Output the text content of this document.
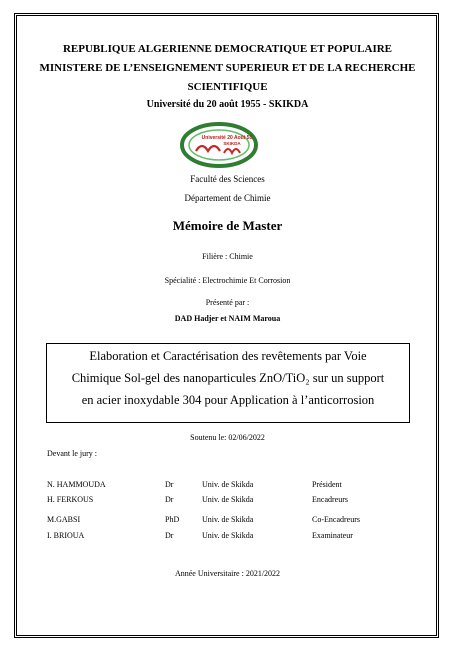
REPUBLIQUE ALGERIENNE DEMOCRATIQUE ET POPULAIRE
MINISTERE DE L’ENSEIGNEMENT SUPERIEUR ET DE LA RECHERCHE
SCIENTIFIQUE
Université du 20 août 1955 - SKIKDA
Université 20 Août 55
SKIKDA
Faculté des Sciences
Département de Chimie
Mémoire de Master
Filière : Chimie
Spécialité : Electrochimie Et Corrosion
Présenté par :
DAD Hadjer et NAIM Maroua
Elaboration et Caractérisation des revêtements par Voie
Chimique Sol-gel des nanoparticules ZnO/TiO₂ sur un support
en acier inoxydable 304 pour Application à l’anticorrosion
Soutenu le: 02/06/2022
Devant le jury :
N. HAMMOUDA	Dr	Univ. de Skikda	Président
H. FERKOUS	Dr	Univ. de Skikda	Encadreurs
M.GABSI	PhD	Univ. de Skikda	Co-Encadreurs
I. BRIOUA	Dr	Univ. de Skikda	Examinateur
Année Universitaire : 2021/2022
